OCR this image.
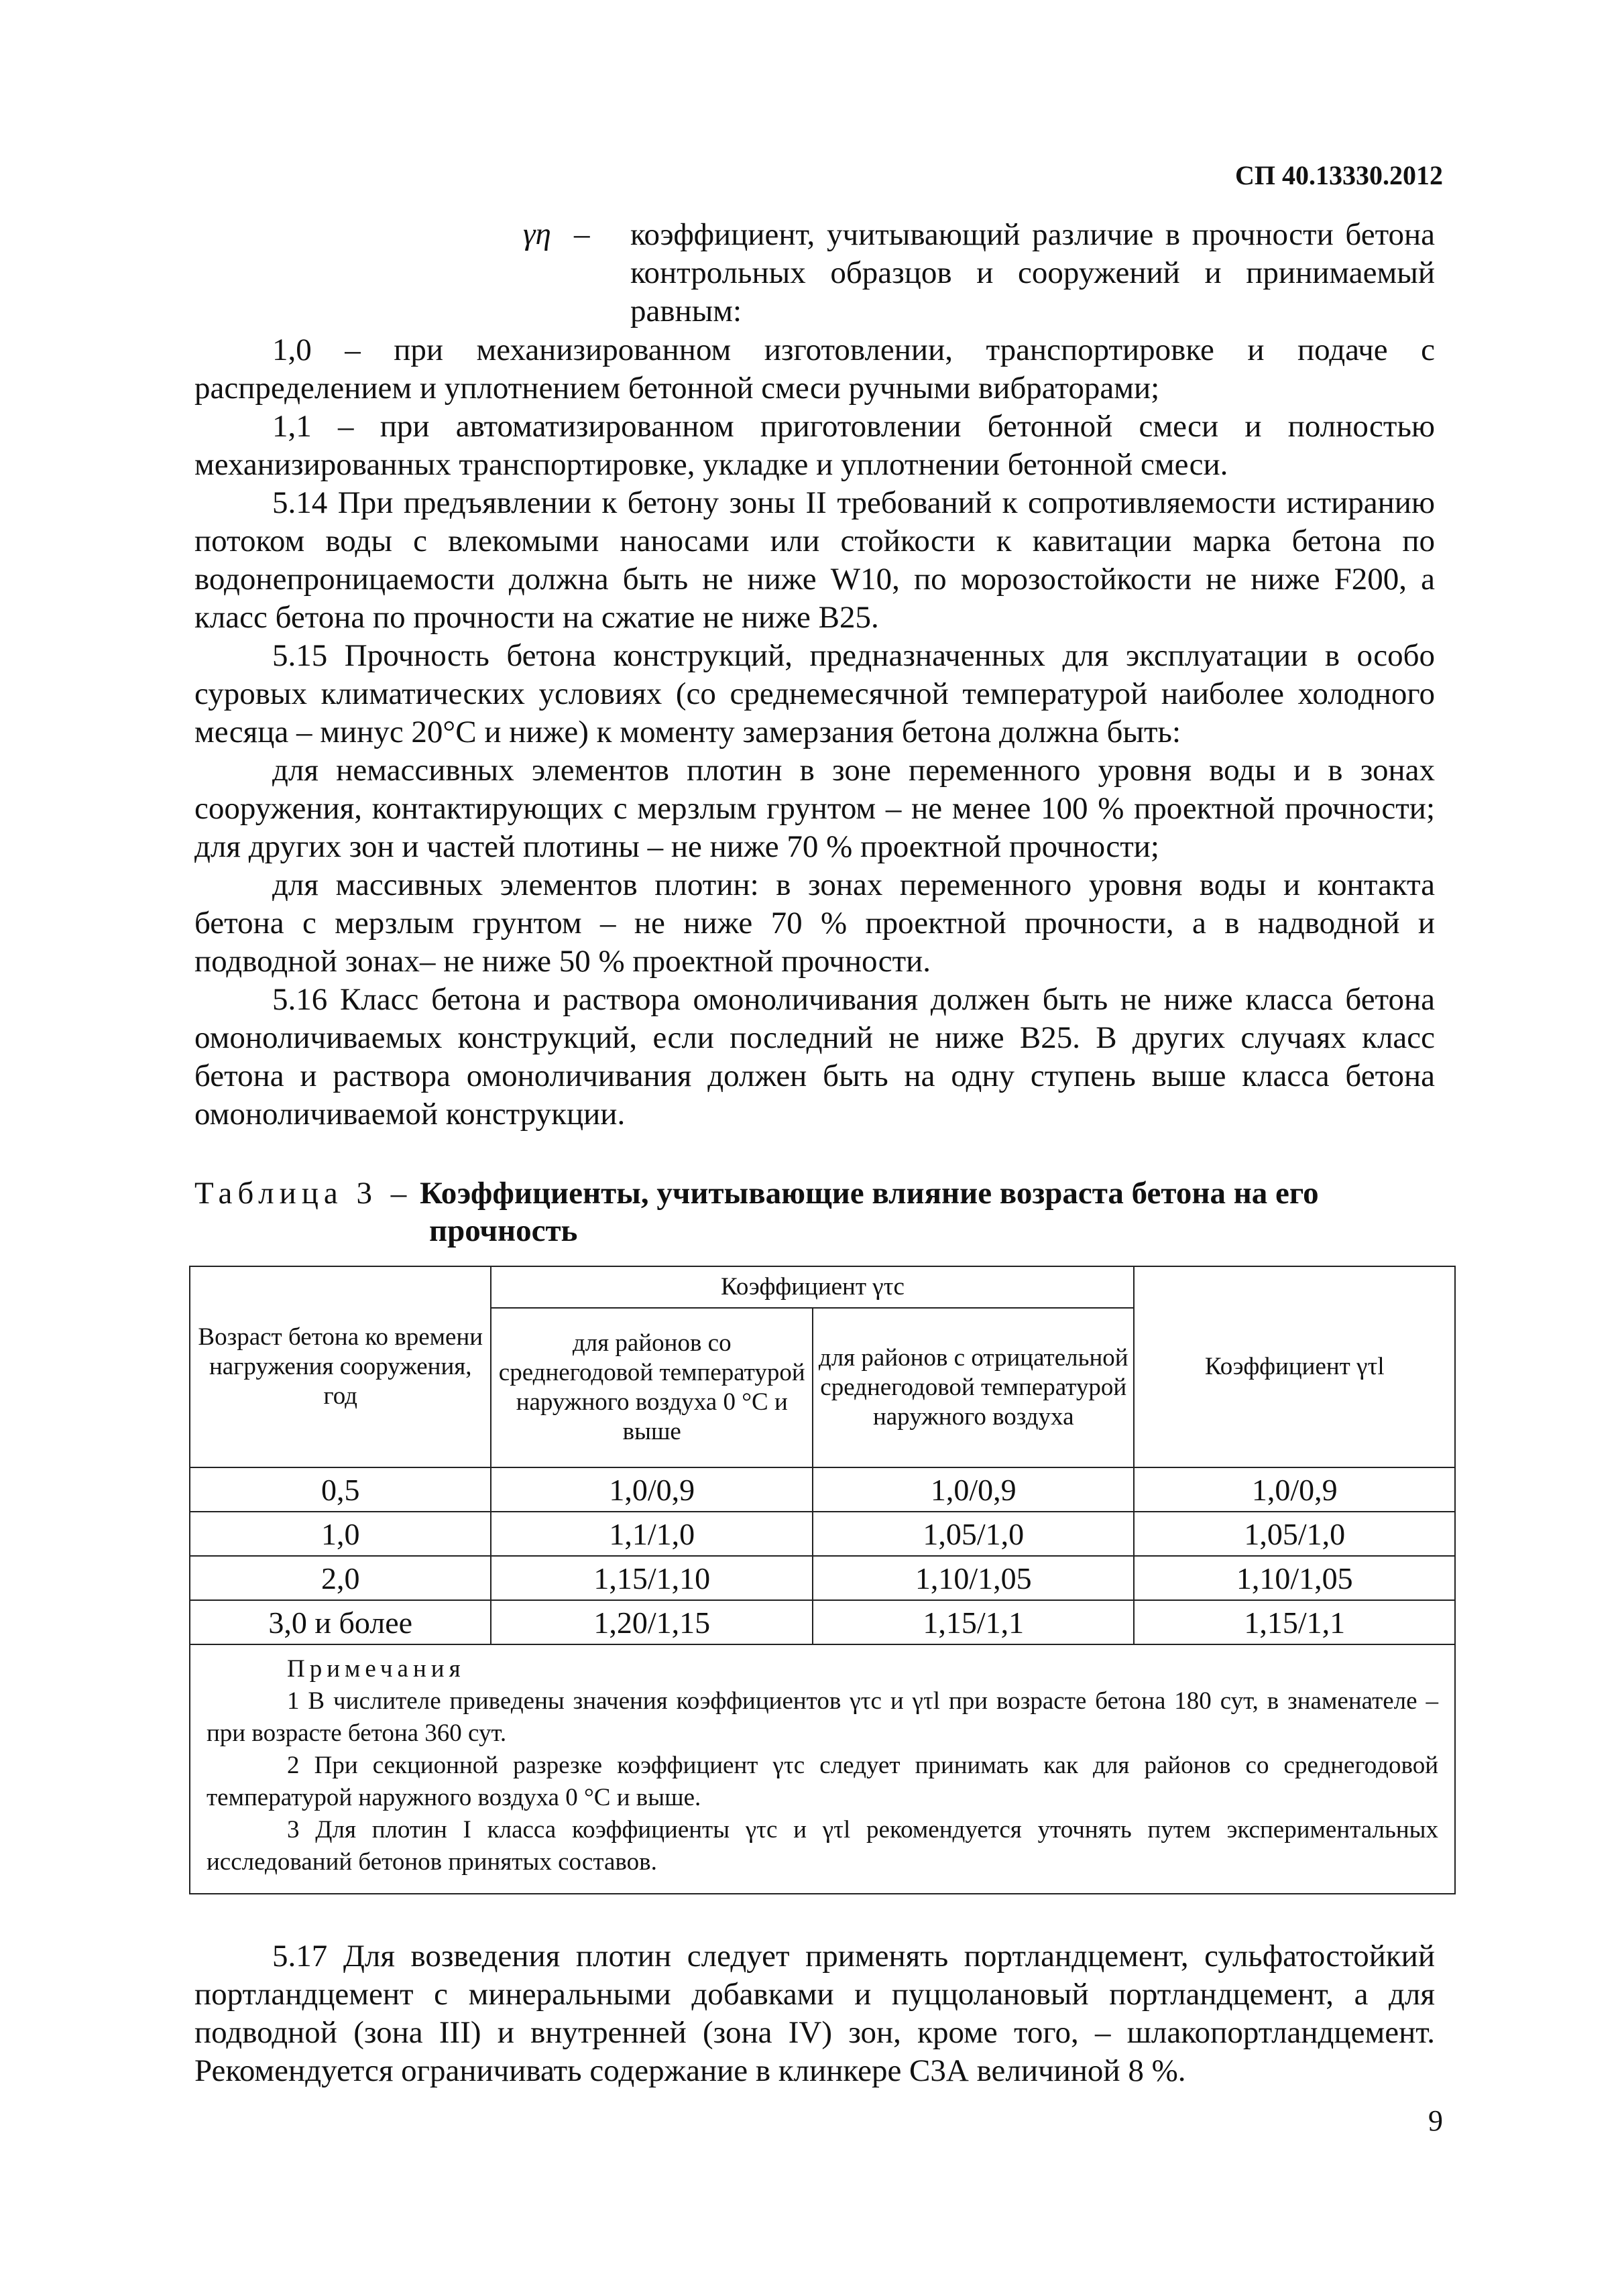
СП 40.13330.2012
γη – коэффициент, учитывающий различие в прочности бетона контрольных образцов и сооружений и принимаемый равным:

1,0 – при механизированном изготовлении, транспортировке и подаче с распределением и уплотнением бетонной смеси ручными вибраторами;

1,1 – при автоматизированном приготовлении бетонной смеси и полностью механизированных транспортировке, укладке и уплотнении бетонной смеси.

5.14 При предъявлении к бетону зоны II требований к сопротивляемости истиранию потоком воды с влекомыми наносами или стойкости к кавитации марка бетона по водонепроницаемости должна быть не ниже W10, по морозостойкости не ниже F200, а класс бетона по прочности на сжатие не ниже B25.

5.15 Прочность бетона конструкций, предназначенных для эксплуатации в особо суровых климатических условиях (со среднемесячной температурой наиболее холодного месяца – минус 20°С и ниже) к моменту замерзания бетона должна быть:

для немассивных элементов плотин в зоне переменного уровня воды и в зонах сооружения, контактирующих с мерзлым грунтом – не менее 100 % проектной прочности; для других зон и частей плотины – не ниже 70 % проектной прочности;

для массивных элементов плотин: в зонах переменного уровня воды и контакта бетона с мерзлым грунтом – не ниже 70 % проектной прочности, а в надводной и подводной зонах– не ниже 50 % проектной прочности.

5.16 Класс бетона и раствора омоноличивания должен быть не ниже класса бетона омоноличиваемых конструкций, если последний не ниже B25. В других случаях класс бетона и раствора омоноличивания должен быть на одну ступень выше класса бетона омоноличиваемой конструкции.

Таблица 3 – Коэффициенты, учитывающие влияние возраста бетона на его
прочность
Возраст бетона ко времени нагружения сооружения, год	Коэффициент γτc		Коэффициент γτl
	для районов со среднегодовой температурой наружного воздуха 0 °С и выше	для районов с отрицательной среднегодовой температурой наружного воздуха	
0,5	1,0/0,9	1,0/0,9	1,0/0,9
1,0	1,1/1,0	1,05/1,0	1,05/1,0
2,0	1,15/1,10	1,10/1,05	1,10/1,05
3,0 и более	1,20/1,15	1,15/1,1	1,15/1,1

Примечания

1 В числителе приведены значения коэффициентов γτc и γτl при возрасте бетона 180 сут, в знаменателе – при возрасте бетона 360 сут.

2 При секционной разрезке коэффициент γτc следует принимать как для районов со среднегодовой температурой наружного воздуха 0 °С и выше.

3 Для плотин I класса коэффициенты γτc и γτl рекомендуется уточнять путем экспериментальных исследований бетонов принятых составов.			

5.17 Для возведения плотин следует применять портландцемент, сульфатостойкий портландцемент с минеральными добавками и пуццолановый портландцемент, а для подводной (зона III) и внутренней (зона IV) зон, кроме того, – шлакопортландцемент. Рекомендуется ограничивать содержание в клинкере С3А величиной 8 %.

9
